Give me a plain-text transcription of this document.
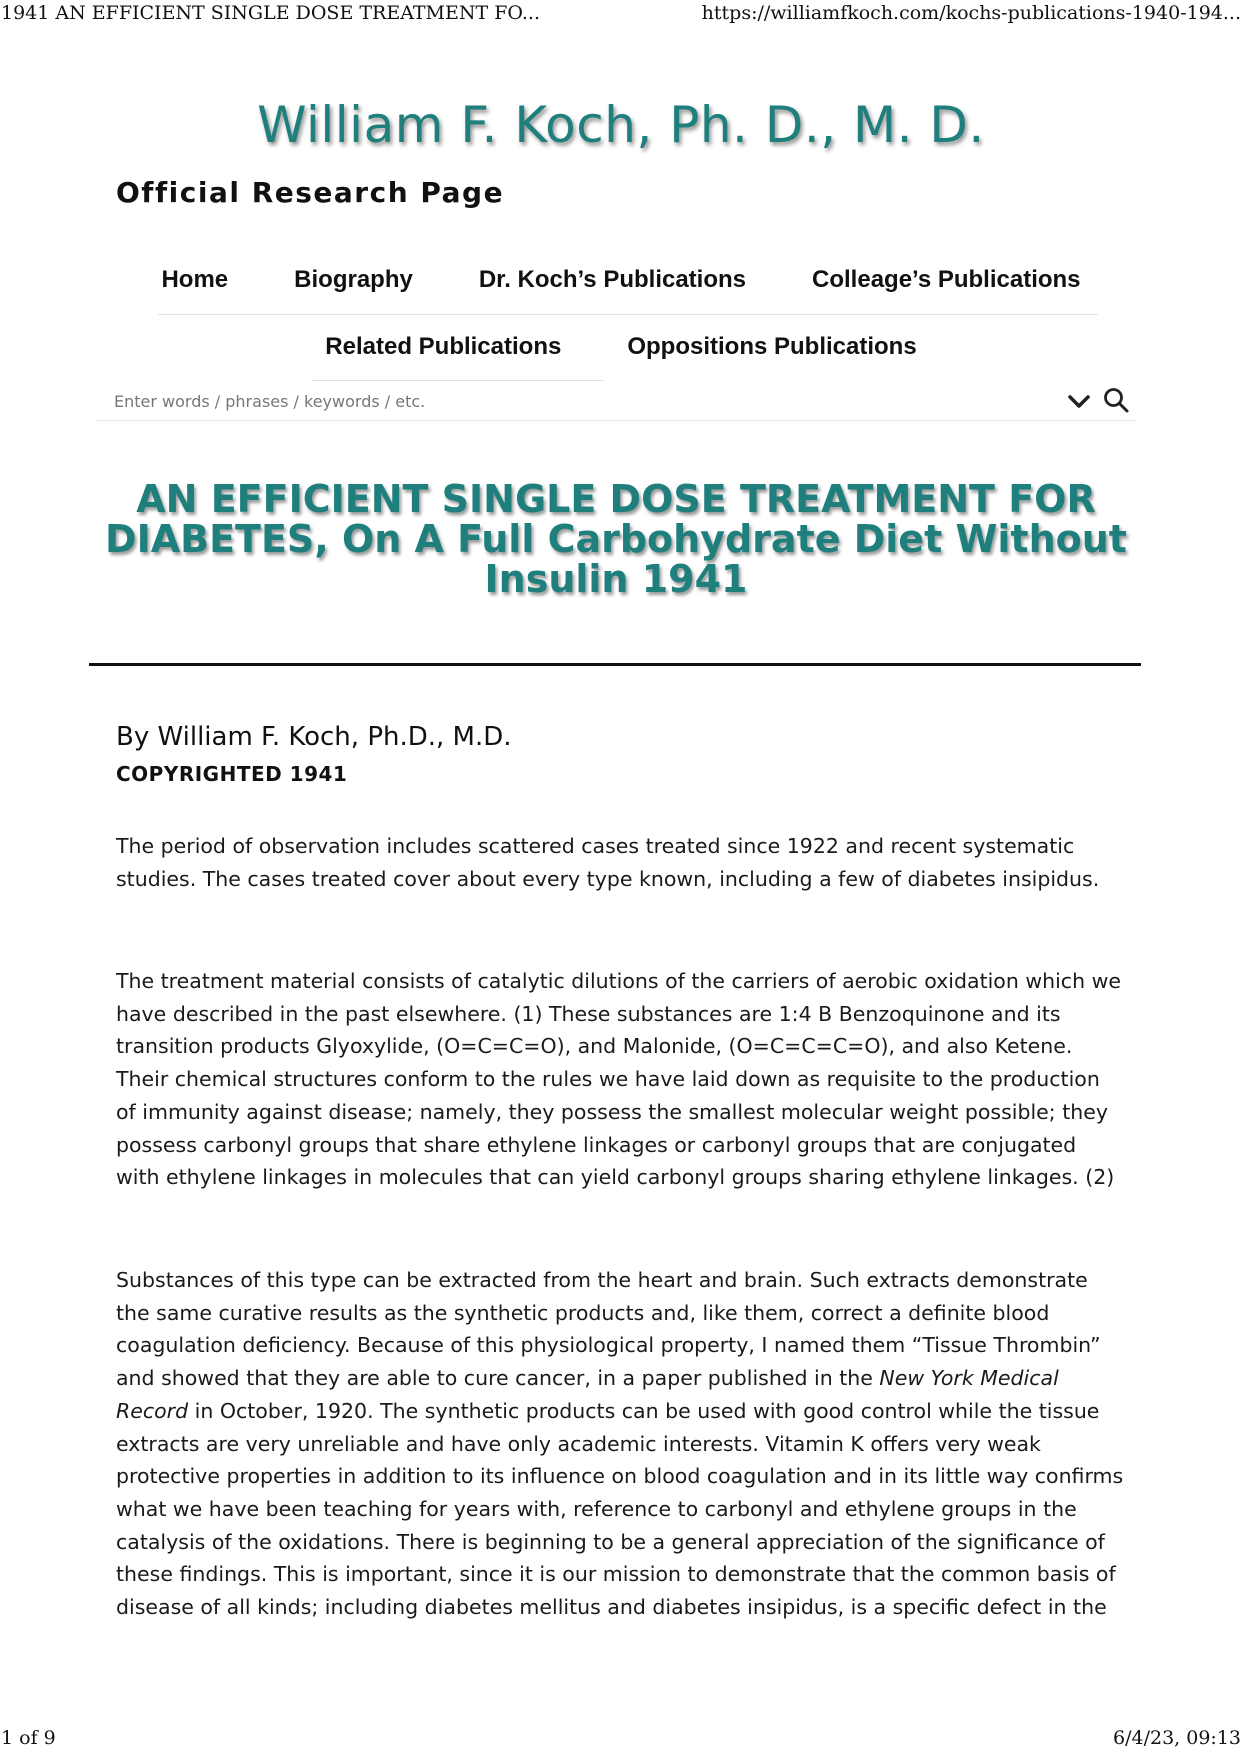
1941 AN EFFICIENT SINGLE DOSE TREATMENT FO...	https://williamfkoch.com/kochs-publications-1940-194...
William F. Koch, Ph. D., M. D.
Official Research Page
Home	Biography	Dr. Koch’s Publications	Colleage’s Publications
Related Publications	Oppositions Publications
Enter words / phrases / keywords / etc.
AN EFFICIENT SINGLE DOSE TREATMENT FOR DIABETES, On A Full Carbohydrate Diet Without Insulin 1941
By William F. Koch, Ph.D., M.D.
COPYRIGHTED 1941

The period of observation includes scattered cases treated since 1922 and recent systematic studies. The cases treated cover about every type known, including a few of diabetes insipidus.

The treatment material consists of catalytic dilutions of the carriers of aerobic oxidation which we have described in the past elsewhere. (1) These substances are 1:4 B Benzoquinone and its transition products Glyoxylide, (O=C=C=O), and Malonide, (O=C=C=C=O), and also Ketene. Their chemical structures conform to the rules we have laid down as requisite to the production of immunity against disease; namely, they possess the smallest molecular weight possible; they possess carbonyl groups that share ethylene linkages or carbonyl groups that are conjugated with ethylene linkages in molecules that can yield carbonyl groups sharing ethylene linkages. (2)

Substances of this type can be extracted from the heart and brain. Such extracts demonstrate the same curative results as the synthetic products and, like them, correct a definite blood coagulation deficiency. Because of this physiological property, I named them “Tissue Thrombin” and showed that they are able to cure cancer, in a paper published in the New York Medical Record in October, 1920. The synthetic products can be used with good control while the tissue extracts are very unreliable and have only academic interests. Vitamin K offers very weak protective properties in addition to its influence on blood coagulation and in its little way confirms what we have been teaching for years with, reference to carbonyl and ethylene groups in the catalysis of the oxidations. There is beginning to be a general appreciation of the significance of these findings. This is important, since it is our mission to demonstrate that the common basis of disease of all kinds; including diabetes mellitus and diabetes insipidus, is a specific defect in the

1 of 9	6/4/23, 09:13
